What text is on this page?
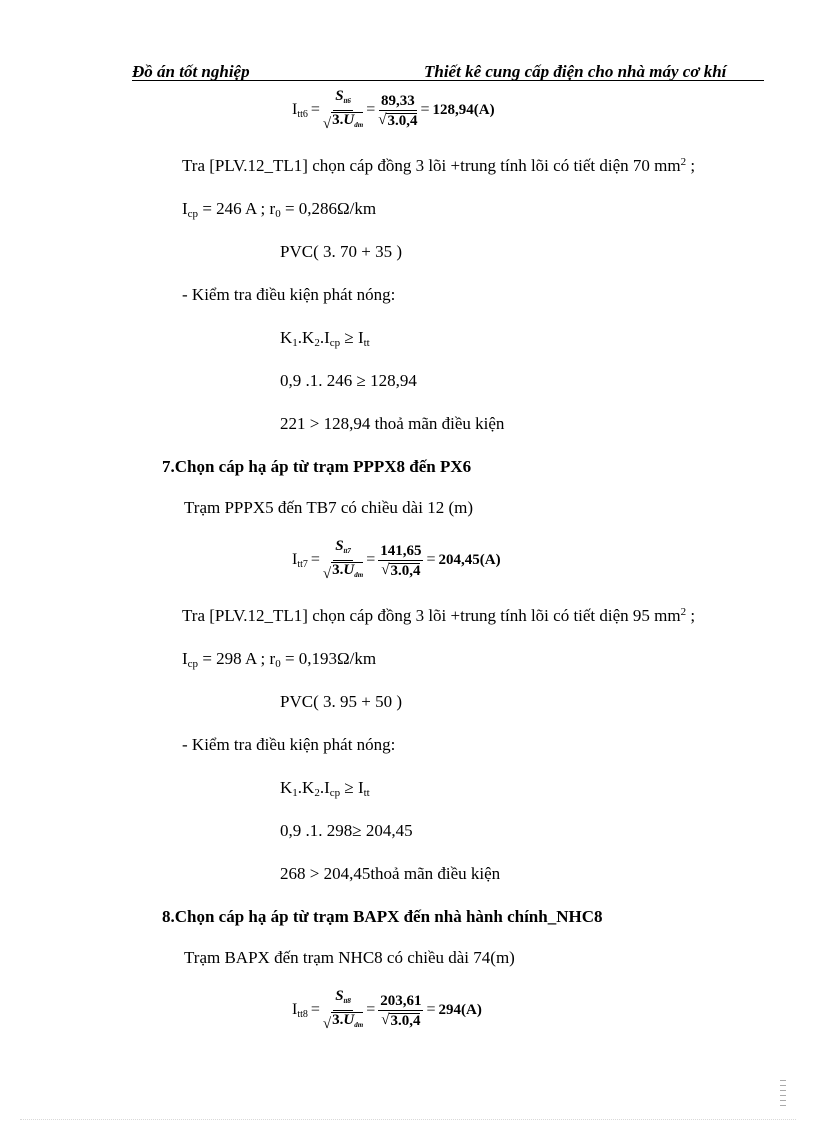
Đồ án tốt nghiệp	Thiết kê cung cấp điện cho nhà máy cơ khí
$I_{tt6} = \frac{S_{tt6}}{√ 3.U_{dm}} = \frac{89,33}{√ 3.0,4} = 128,94(A)$
Tra [PLV.12_TL1] chọn cáp đồng 3 lõi +trung tính lõi có tiết diện 70 $mm^2$ ;
$I_{cp} = 246$ A ; $r_0 = 0,286\Omega/km$
PVC( 3. 70 + 35 )
- Kiểm tra điều kiện phát nóng:
$K_1.K_2.I_{cp} \ge I_{tt}$
0,9 .1. 246 ≥ 128,94
221 > 128,94 thoả mãn điều kiện
7.Chọn cáp hạ áp từ trạm PPPX8 đến PX6
Trạm PPPX5 đến TB7 có chiều dài 12 (m)
$I_{tt7} = \frac{S_{tt7}}{√ 3.U_{dm}} = \frac{141,65}{√ 3.0,4} = 204,45(A)$
Tra [PLV.12_TL1] chọn cáp đồng 3 lõi +trung tính lõi có tiết diện 95 $mm^2$ ;
$I_{cp} = 298$ A ; $r_0 = 0,193\Omega/km$
PVC( 3. 95 + 50 )
- Kiểm tra điều kiện phát nóng:
$K_1.K_2.I_{cp} \ge I_{tt}$
0,9 .1. 298≥ 204,45
268 > 204,45thoả mãn điều kiện
8.Chọn cáp hạ áp từ trạm BAPX đến nhà hành chính_NHC8
Trạm BAPX đến trạm NHC8 có chiều dài 74(m)
$I_{tt8} = \frac{S_{tt8}}{√ 3.U_{dm}} = \frac{203,61}{√ 3.0,4} = 294(A)$
